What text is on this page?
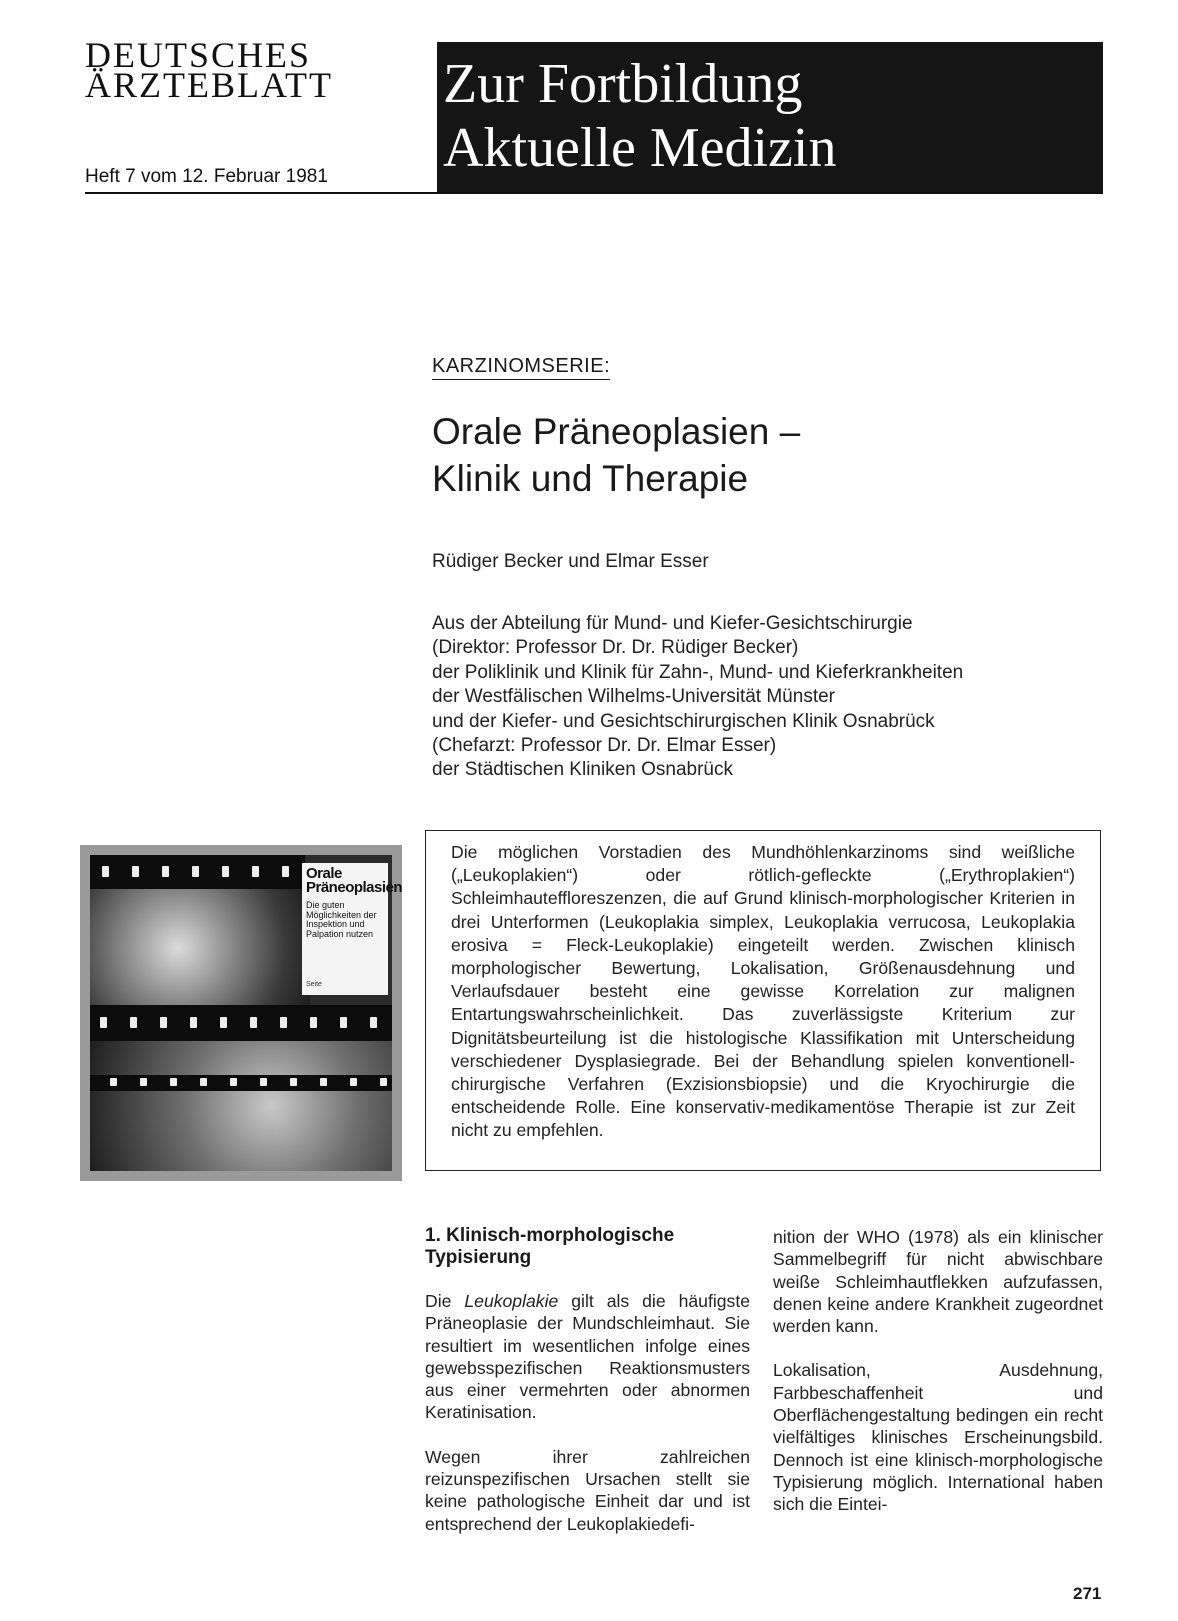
DEUTSCHES
ÄRZTEBLATT
Heft 7 vom 12. Februar 1981
Zur Fortbildung
Aktuelle Medizin
KARZINOMSERIE:
Orale Präneoplasien –
Klinik und Therapie
Rüdiger Becker und Elmar Esser
Aus der Abteilung für Mund- und Kiefer-Gesichtschirurgie
(Direktor: Professor Dr. Dr. Rüdiger Becker)
der Poliklinik und Klinik für Zahn-, Mund- und Kieferkrankheiten
der Westfälischen Wilhelms-Universität Münster
und der Kiefer- und Gesichtschirurgischen Klinik Osnabrück
(Chefarzt: Professor Dr. Dr. Elmar Esser)
der Städtischen Kliniken Osnabrück
Orale
Präneoplasien
Die guten Möglichkeiten der Inspektion und Palpation nutzen
Seite
Die möglichen Vorstadien des Mundhöhlenkarzinoms sind weißliche („Leukoplakien“) oder rötlich-gefleckte („Erythroplakien“) Schleimhauteffloreszenzen, die auf Grund klinisch-morphologischer Kriterien in drei Unterformen (Leukoplakia simplex, Leukoplakia verrucosa, Leukoplakia erosiva = Fleck-Leukoplakie) eingeteilt werden. Zwischen klinisch morphologischer Bewertung, Lokalisation, Größenausdehnung und Verlaufsdauer besteht eine gewisse Korrelation zur malignen Entartungswahrscheinlichkeit. Das zuverlässigste Kriterium zur Dignitätsbeurteilung ist die histologische Klassifikation mit Unterscheidung verschiedener Dysplasiegrade. Bei der Behandlung spielen konventionell-chirurgische Verfahren (Exzisionsbiopsie) und die Kryochirurgie die entscheidende Rolle. Eine konservativ-medikamentöse Therapie ist zur Zeit nicht zu empfehlen.
1. Klinisch-morphologische Typisierung

Die Leukoplakie gilt als die häufigste Präneoplasie der Mundschleimhaut. Sie resultiert im wesentlichen infolge eines gewebsspezifischen Reaktionsmusters aus einer vermehrten oder abnormen Keratinisation.

Wegen ihrer zahlreichen reizunspezifischen Ursachen stellt sie keine pathologische Einheit dar und ist entsprechend der Leukoplakiedefi-

nition der WHO (1978) als ein klinischer Sammelbegriff für nicht abwischbare weiße Schleimhautflekken aufzufassen, denen keine andere Krankheit zugeordnet werden kann.

Lokalisation, Ausdehnung, Farbbeschaffenheit und Oberflächengestaltung bedingen ein recht vielfältiges klinisches Erscheinungsbild. Dennoch ist eine klinisch-morphologische Typisierung möglich. International haben sich die Eintei-

271
